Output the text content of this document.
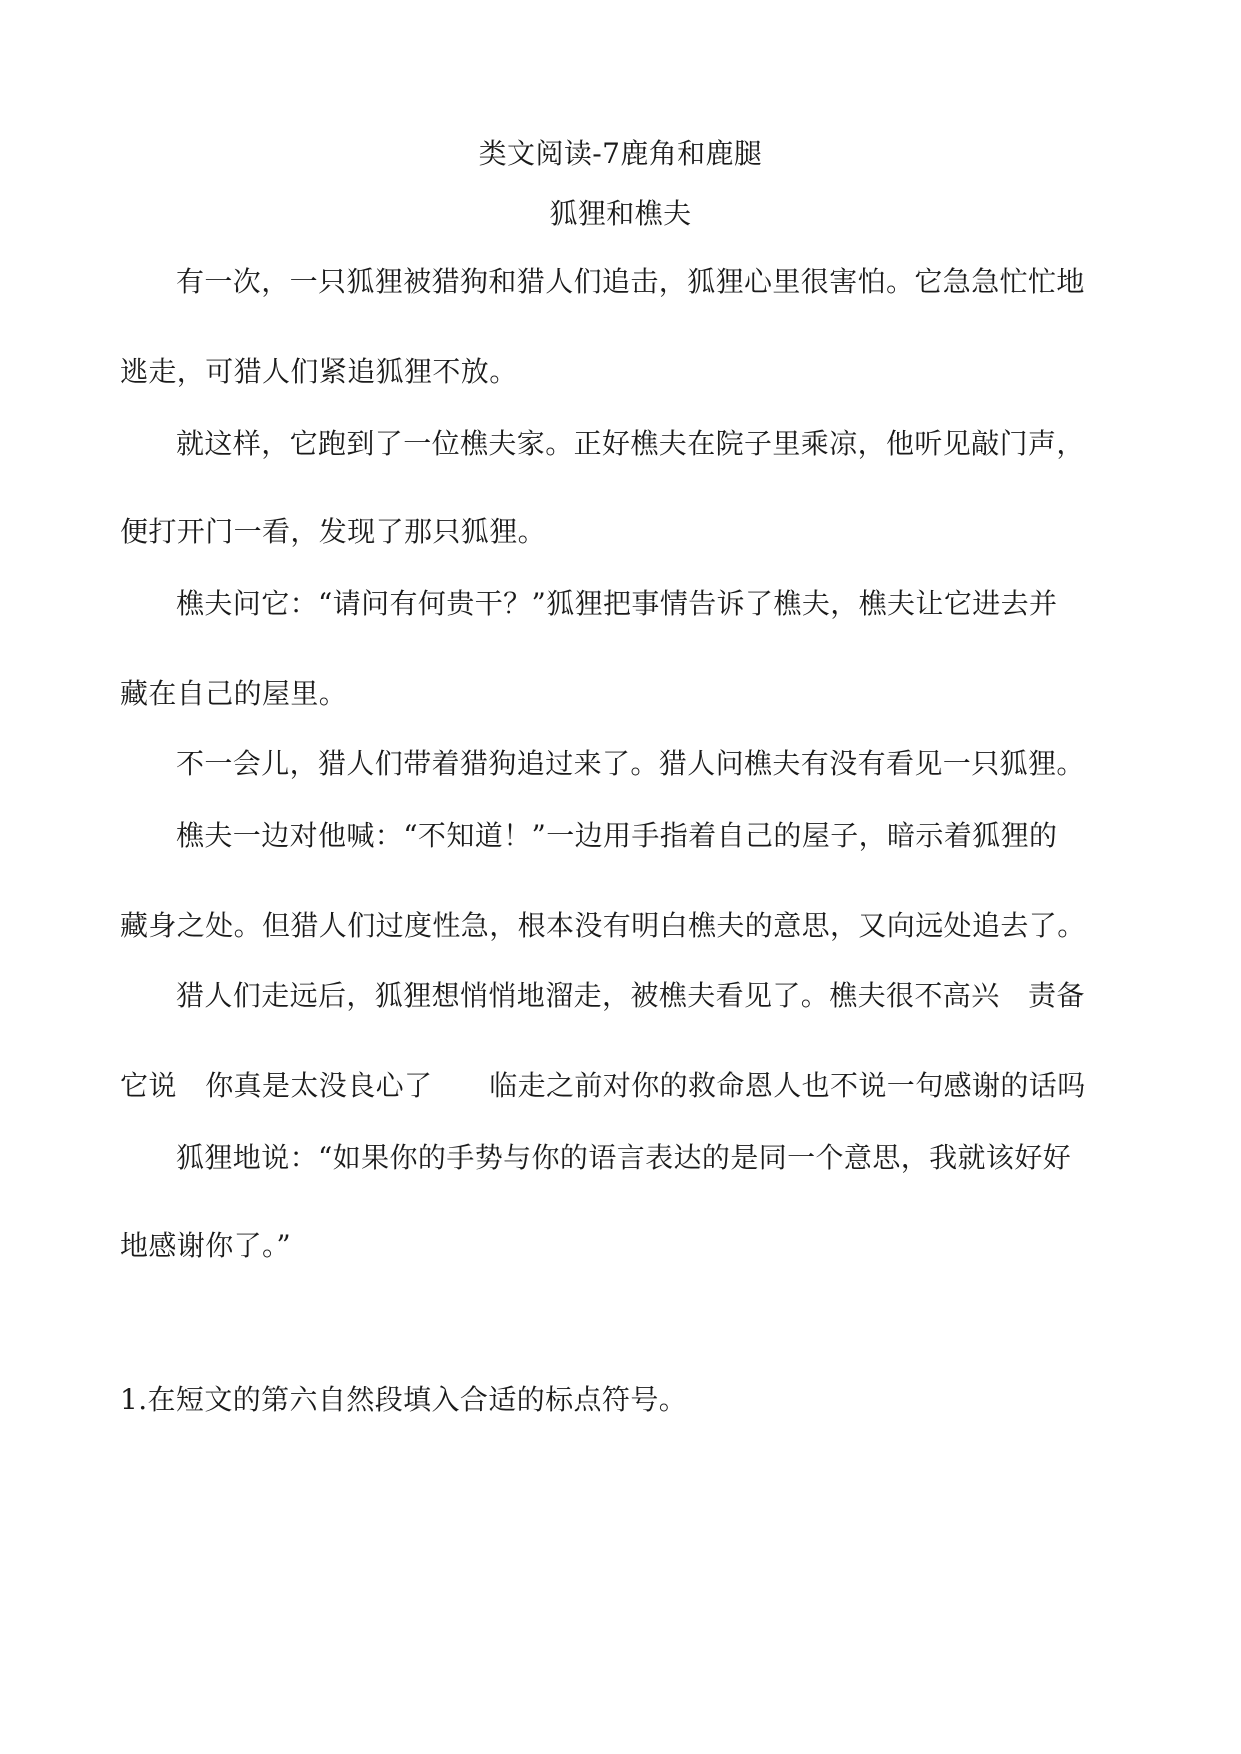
类文阅读-7鹿角和鹿腿
狐狸和樵夫
有一次，一只狐狸被猎狗和猎人们追击，狐狸心里很害怕。它急急忙忙地
逃走，可猎人们紧追狐狸不放。
就这样，它跑到了一位樵夫家。正好樵夫在院子里乘凉，他听见敲门声，
便打开门一看，发现了那只狐狸。
樵夫问它：“请问有何贵干？”狐狸把事情告诉了樵夫，樵夫让它进去并
藏在自己的屋里。
不一会儿，猎人们带着猎狗追过来了。猎人问樵夫有没有看见一只狐狸。
樵夫一边对他喊：“不知道！”一边用手指着自己的屋子，暗示着狐狸的
藏身之处。但猎人们过度性急，根本没有明白樵夫的意思，又向远处追去了。
猎人们走远后，狐狸想悄悄地溜走，被樵夫看见了。樵夫很不高兴　责备
它说　你真是太没良心了　　临走之前对你的救命恩人也不说一句感谢的话吗
狐狸地说：“如果你的手势与你的语言表达的是同一个意思，我就该好好
地感谢你了。”
1.在短文的第六自然段填入合适的标点符号。
